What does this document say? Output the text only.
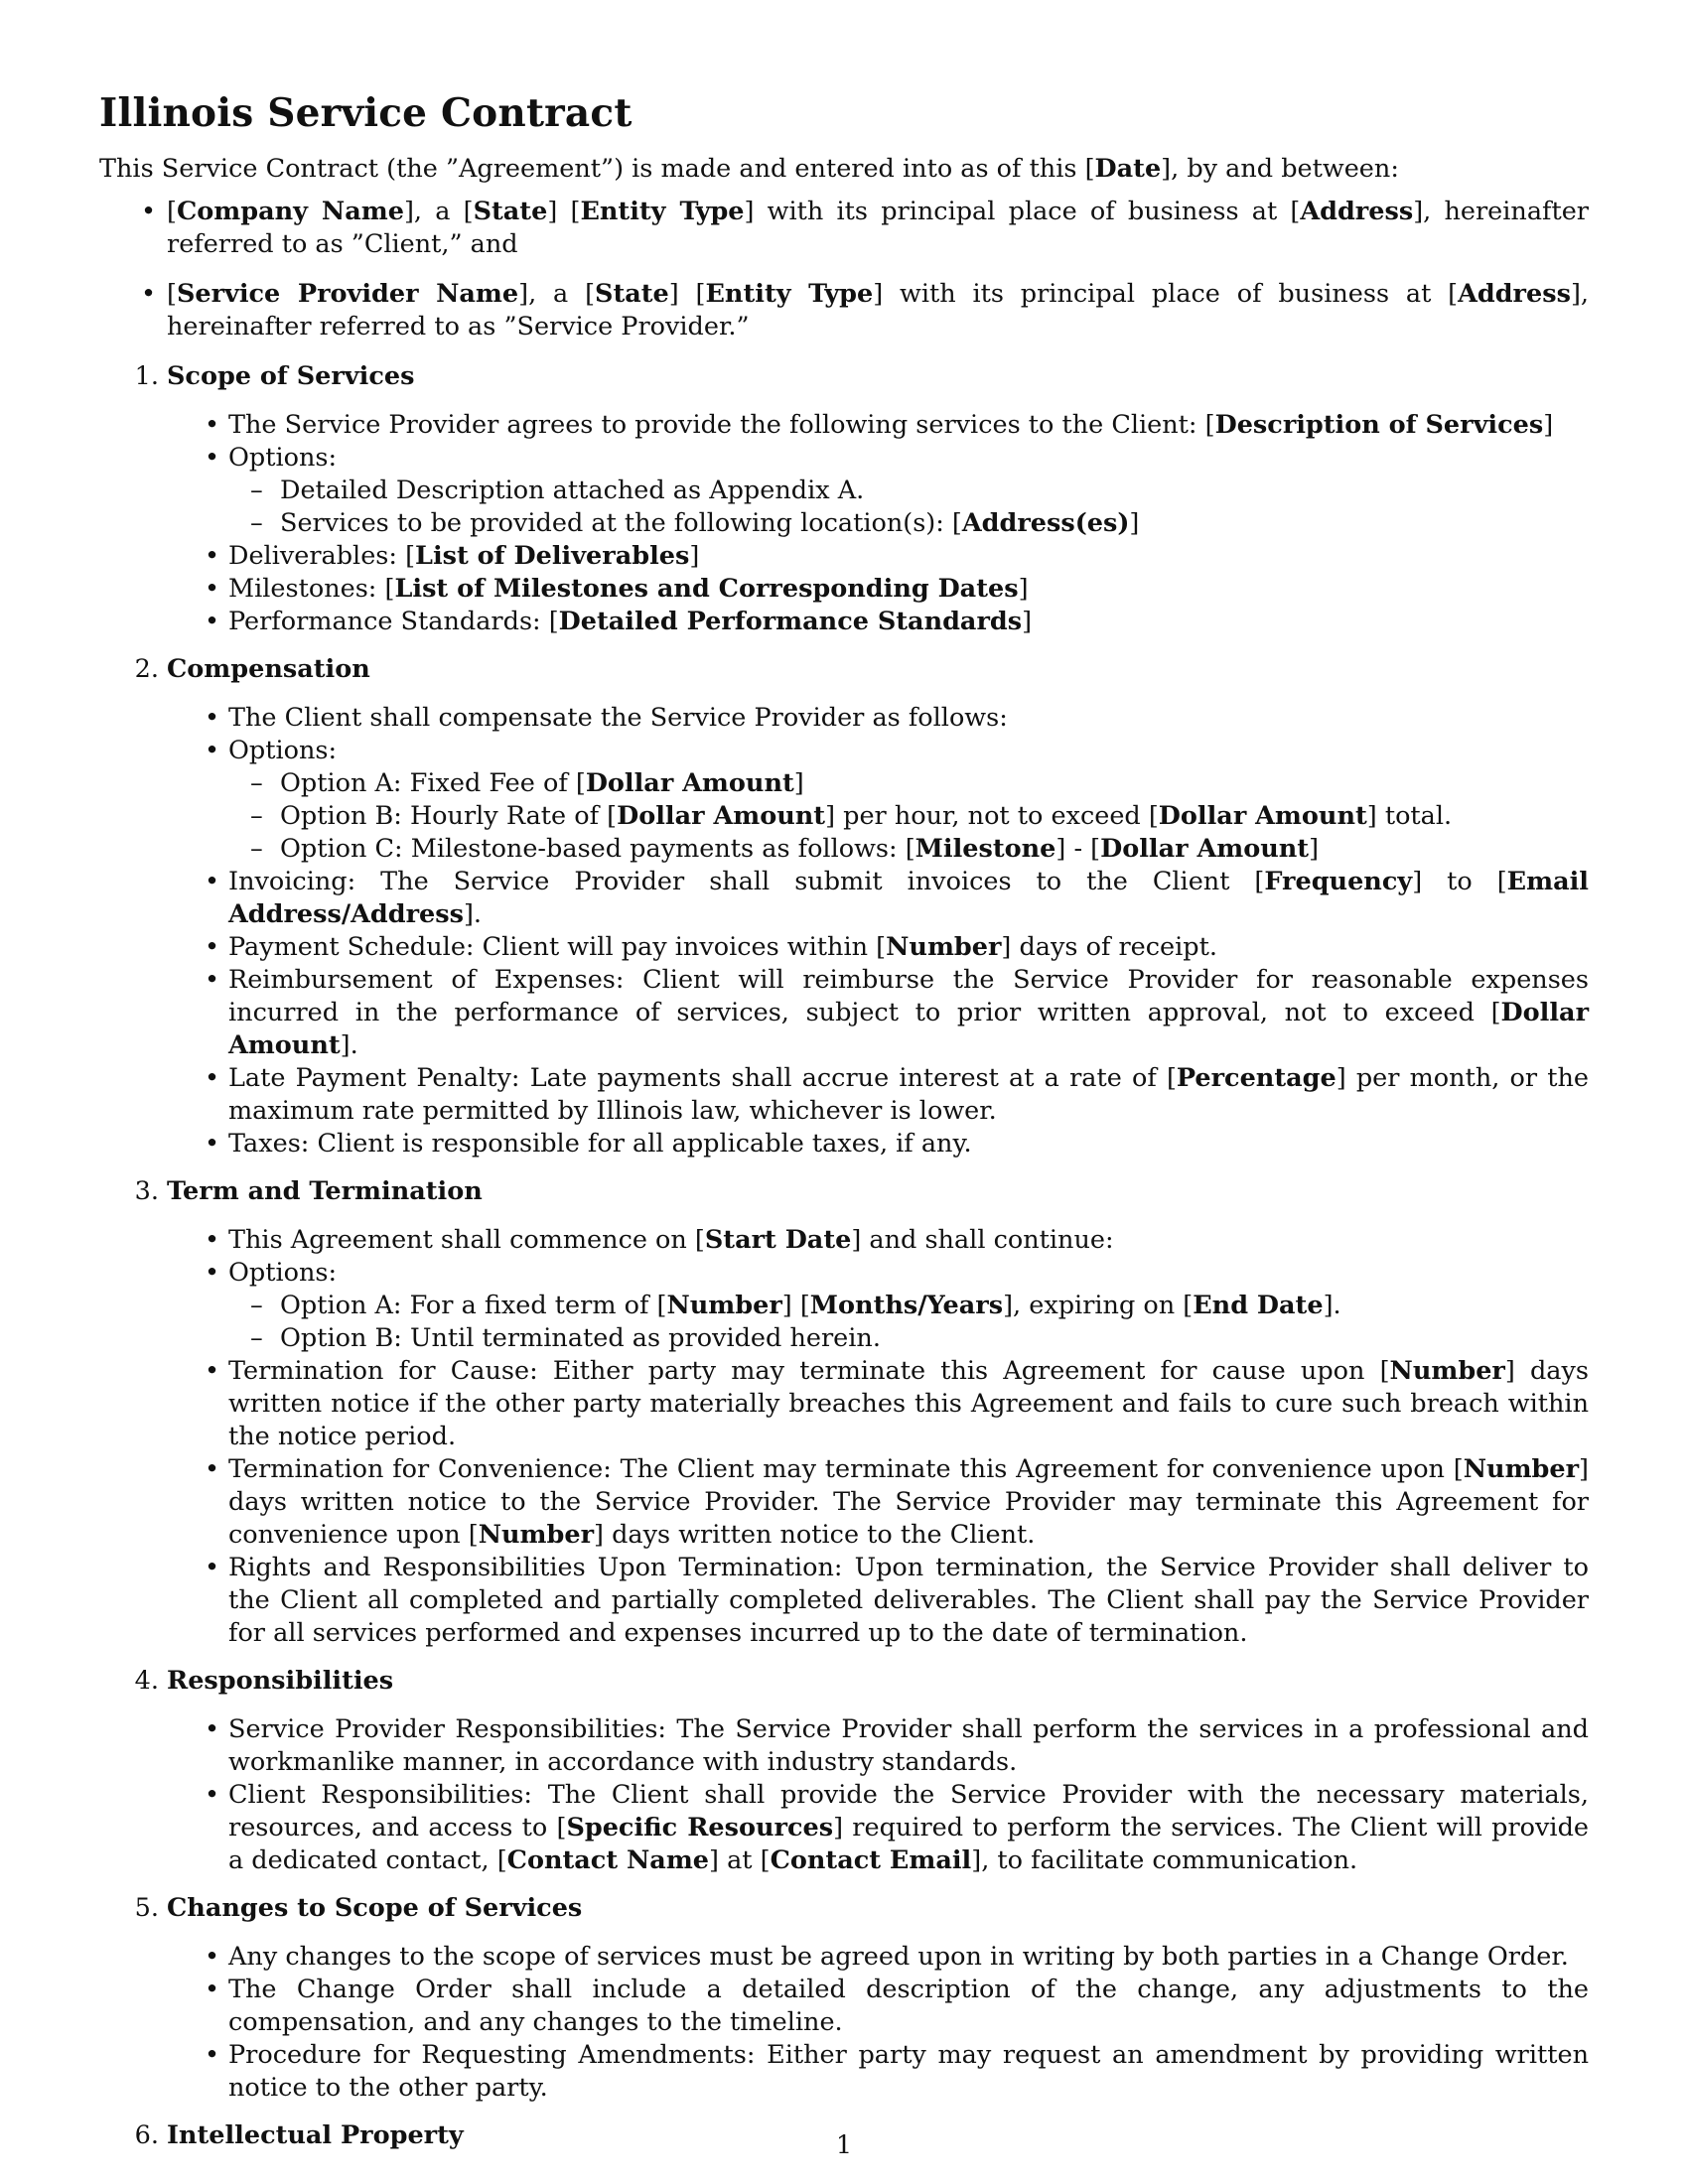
Illinois Service Contract

This Service Contract (the ”Agreement”) is made and entered into as of this [Date], by and between:

• [Company Name], a [State] [Entity Type] with its principal place of business at [Address], hereinafter referred to as ”Client,” and
• [Service Provider Name], a [State] [Entity Type] with its principal place of business at [Address], hereinafter referred to as ”Service Provider.”
1. Scope of Services
• The Service Provider agrees to provide the following services to the Client: [Description of Services]
• Options:
– Detailed Description attached as Appendix A.
– Services to be provided at the following location(s): [Address(es)]
• Deliverables: [List of Deliverables]
• Milestones: [List of Milestones and Corresponding Dates]
• Performance Standards: [Detailed Performance Standards]
2. Compensation
• The Client shall compensate the Service Provider as follows:
• Options:
– Option A: Fixed Fee of [Dollar Amount]
– Option B: Hourly Rate of [Dollar Amount] per hour, not to exceed [Dollar Amount] total.
– Option C: Milestone-based payments as follows: [Milestone] - [Dollar Amount]
• Invoicing: The Service Provider shall submit invoices to the Client [Frequency] to [Email Address/Address].
• Payment Schedule: Client will pay invoices within [Number] days of receipt.
• Reimbursement of Expenses: Client will reimburse the Service Provider for reasonable expenses incurred in the performance of services, subject to prior written approval, not to exceed [Dollar Amount].
• Late Payment Penalty: Late payments shall accrue interest at a rate of [Percentage] per month, or the maximum rate permitted by Illinois law, whichever is lower.
• Taxes: Client is responsible for all applicable taxes, if any.
3. Term and Termination
• This Agreement shall commence on [Start Date] and shall continue:
• Options:
– Option A: For a fixed term of [Number] [Months/Years], expiring on [End Date].
– Option B: Until terminated as provided herein.
• Termination for Cause: Either party may terminate this Agreement for cause upon [Number] days written notice if the other party materially breaches this Agreement and fails to cure such breach within the notice period.
• Termination for Convenience: The Client may terminate this Agreement for convenience upon [Number] days written notice to the Service Provider. The Service Provider may terminate this Agreement for convenience upon [Number] days written notice to the Client.
• Rights and Responsibilities Upon Termination: Upon termination, the Service Provider shall deliver to the Client all completed and partially completed deliverables. The Client shall pay the Service Provider for all services performed and expenses incurred up to the date of termination.
4. Responsibilities
• Service Provider Responsibilities: The Service Provider shall perform the services in a professional and workmanlike manner, in accordance with industry standards.
• Client Responsibilities: The Client shall provide the Service Provider with the necessary materials, resources, and access to [Specific Resources] required to perform the services. The Client will provide a dedicated contact, [Contact Name] at [Contact Email], to facilitate communication.
5. Changes to Scope of Services
• Any changes to the scope of services must be agreed upon in writing by both parties in a Change Order.
• The Change Order shall include a detailed description of the change, any adjustments to the compensation, and any changes to the timeline.
• Procedure for Requesting Amendments: Either party may request an amendment by providing written notice to the other party.
6. Intellectual Property	1
